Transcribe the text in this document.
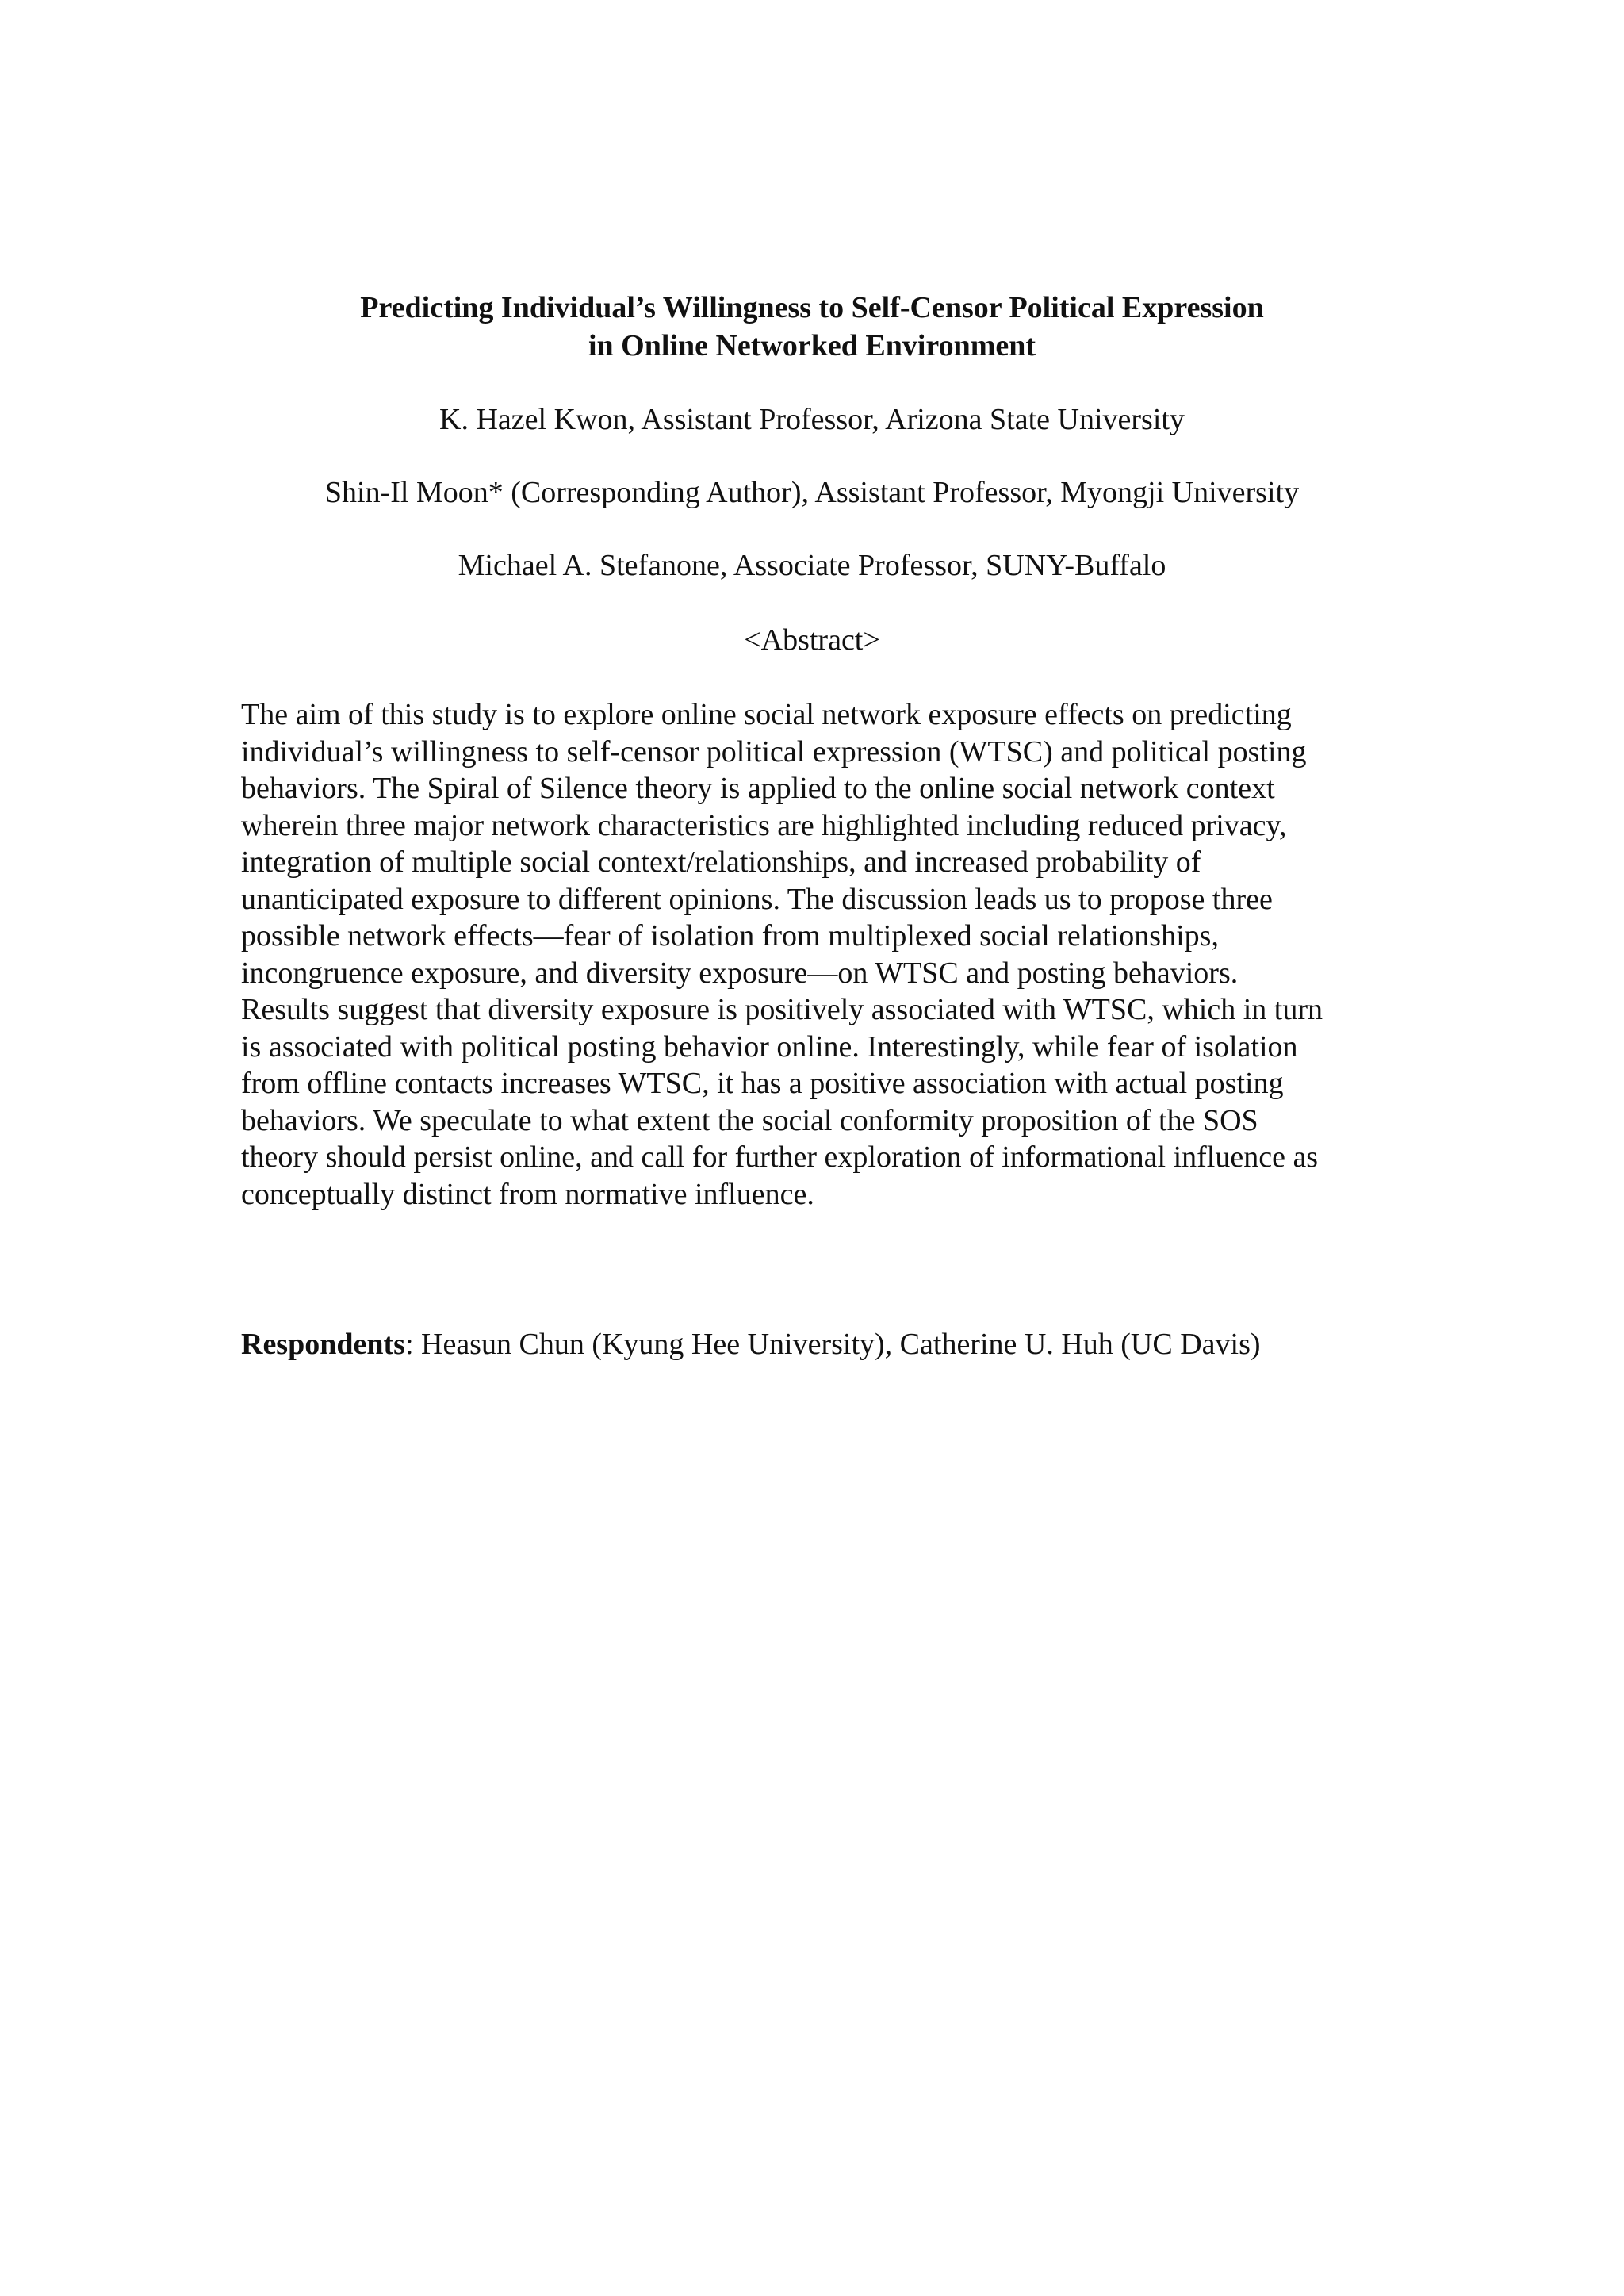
Predicting Individual’s Willingness to Self-Censor Political Expression
in Online Networked Environment
K. Hazel Kwon, Assistant Professor, Arizona State University
Shin-Il Moon* (Corresponding Author), Assistant Professor, Myongji University
Michael A. Stefanone, Associate Professor, SUNY-Buffalo
<Abstract>
The aim of this study is to explore online social network exposure effects on predicting
individual’s willingness to self-censor political expression (WTSC) and political posting
behaviors. The Spiral of Silence theory is applied to the online social network context
wherein three major network characteristics are highlighted including reduced privacy,
integration of multiple social context/relationships, and increased probability of
unanticipated exposure to different opinions. The discussion leads us to propose three
possible network effects—fear of isolation from multiplexed social relationships,
incongruence exposure, and diversity exposure—on WTSC and posting behaviors.
Results suggest that diversity exposure is positively associated with WTSC, which in turn
is associated with political posting behavior online. Interestingly, while fear of isolation
from offline contacts increases WTSC, it has a positive association with actual posting
behaviors. We speculate to what extent the social conformity proposition of the SOS
theory should persist online, and call for further exploration of informational influence as
conceptually distinct from normative influence.
Respondents: Heasun Chun (Kyung Hee University), Catherine U. Huh (UC Davis)
